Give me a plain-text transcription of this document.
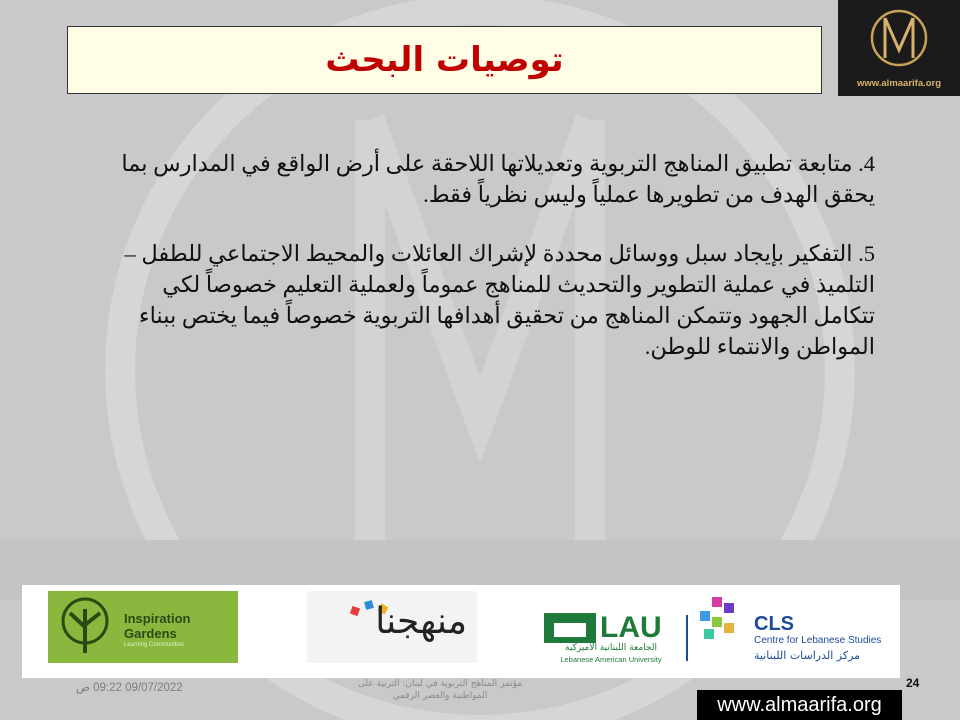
توصيات البحث
www.almaarifa.org

4. متابعة تطبيق المناهج التربوية وتعديلاتها اللاحقة على أرض الواقع في المدارس بما يحقق الهدف من تطويرها عملياً وليس نظرياً فقط.

5. التفكير بإيجاد سبل ووسائل محددة لإشراك العائلات والمحيط الاجتماعي للطفل – التلميذ في عملية التطوير والتحديث للمناهج عموماً ولعملية التعليم خصوصاً لكي تتكامل الجهود وتتمكن المناهج من تحقيق أهدافها التربوية خصوصاً فيما يختص ببناء المواطن والانتماء للوطن.

Inspiration
Gardens
Learning Communities
منهجنا	LAU
الجامعة اللبنانية الأميركية
Lebanese American University
CLS
Centre for Lebanese Studies
مركز الدراسات اللبنانية
09/07/2022 09:22 ص	مؤتمر المناهج التربوية في لبنان: التربية على
المواطنية والعصر الرقمي
24
www.almaarifa.org
